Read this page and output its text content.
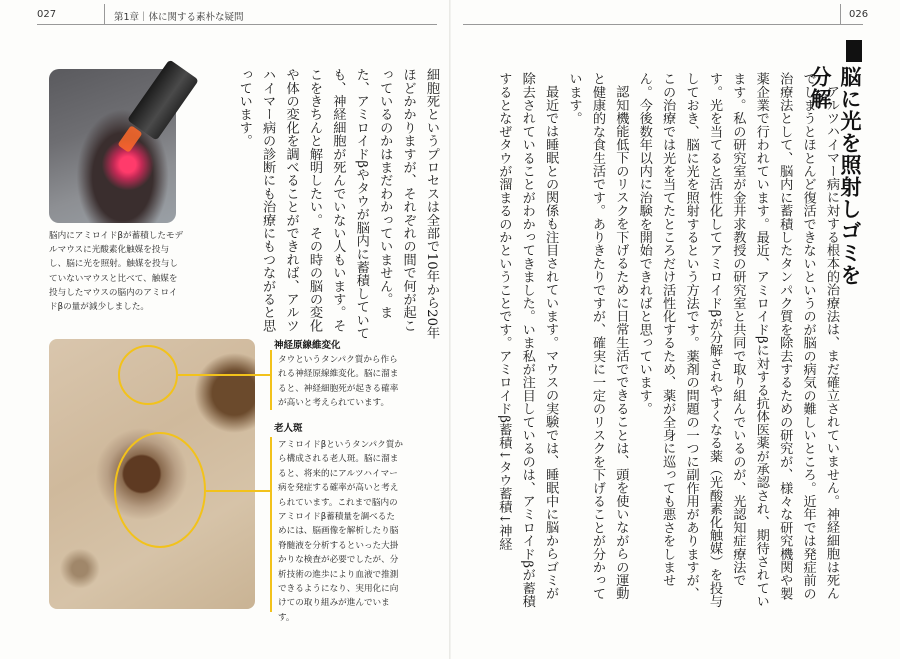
027	第1章｜体に関する素朴な疑問	026
脳に光を照射しゴミを分解

アルツハイマー病に対する根本的治療法は、まだ確立されていません。神経細胞は死んでしまうとほとんど復活できないというのが脳の病気の難しいところ。近年では発症前の治療法として、脳内に蓄積したタンパク質を除去するための研究が、様々な研究機関や製薬企業で行われています。最近、アミロイドβに対する抗体医薬が承認され、期待されています。私の研究室が金井求教授の研究室と共同で取り組んでいるのが、光認知症療法です。光を当てると活性化してアミロイドβが分解されやすくなる薬（光酸素化触媒）を投与しておき、脳に光を照射するという方法です。薬剤の問題の一つに副作用がありますが、この治療では光を当てたところだけ活性化するため、薬が全身に巡っても悪さをしません。今後数年以内に治験を開始できればと思っています。

認知機能低下のリスクを下げるために日常生活でできることは、頭を使いながらの運動と健康的な食生活です。ありきたりですが、確実に一定のリスクを下げることが分かっています。

最近では睡眠との関係も注目されています。マウスの実験では、睡眠中に脳からゴミが除去されていることがわかってきました。いま私が注目しているのは、アミロイドβが蓄積するとなぜタウが溜まるのかということです。アミロイドβ蓄積↓タウ蓄積↓神経

細胞死というプロセスは全部で10年から20年ほどかかりますが、それぞれの間で何が起こっているのかはまだわかっていません。また、アミロイドβやタウが脳内に蓄積していても、神経細胞が死んでいない人もいます。そこをきちんと解明したい。その時の脳の変化や体の変化を調べることができれば、アルツハイマー病の診断にも治療にもつながると思っています。

脳内にアミロイドβが蓄積したモデルマウスに光酸素化触媒を投与し、脳に光を照射。触媒を投与していないマウスと比べて、触媒を投与したマウスの脳内のアミロイドβの量が減少しました。
神経原線維変化
タウというタンパク質から作られる神経原線維変化。脳に溜まると、神経細胞死が起きる確率が高いと考えられています。
老人斑
アミロイドβというタンパク質から構成される老人斑。脳に溜まると、将来的にアルツハイマー病を発症する確率が高いと考えられています。これまで脳内のアミロイドβ蓄積量を調べるためには、脳画像を解析したり脳脊髄液を分析するといった大掛かりな検査が必要でしたが、分析技術の進歩により血液で推測できるようになり、実用化に向けての取り組みが進んでいます。
